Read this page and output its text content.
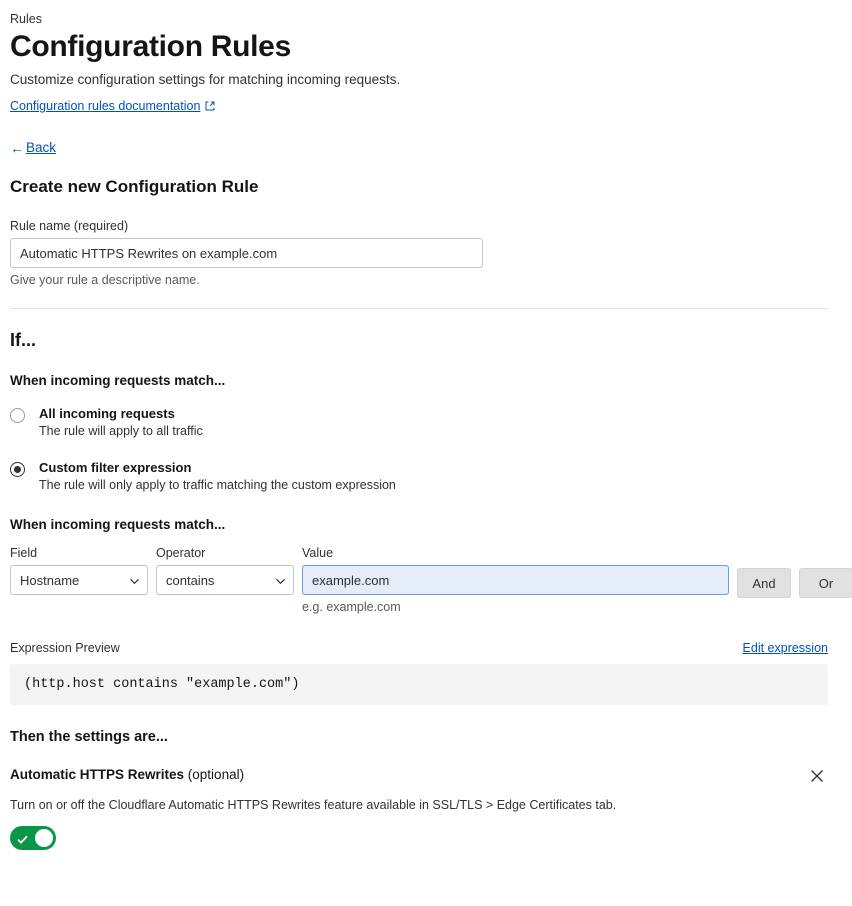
Rules
Configuration Rules

Customize configuration settings for matching incoming requests.

Configuration rules documentation
← Back
Create new Configuration Rule
Rule name (required)
Automatic HTTPS Rewrites on example.com
Give your rule a descriptive name.
If...
When incoming requests match...
All incoming requests
The rule will apply to all traffic
Custom filter expression
The rule will only apply to traffic matching the custom expression
When incoming requests match...
Field
Hostname
Operator
contains
Value
example.com
e.g. example.com
And	Or
Expression Preview	Edit expression
(http.host contains "example.com")
Then the settings are...
Automatic HTTPS Rewrites (optional)
Turn on or off the Cloudflare Automatic HTTPS Rewrites feature available in SSL/TLS > Edge Certificates tab.
